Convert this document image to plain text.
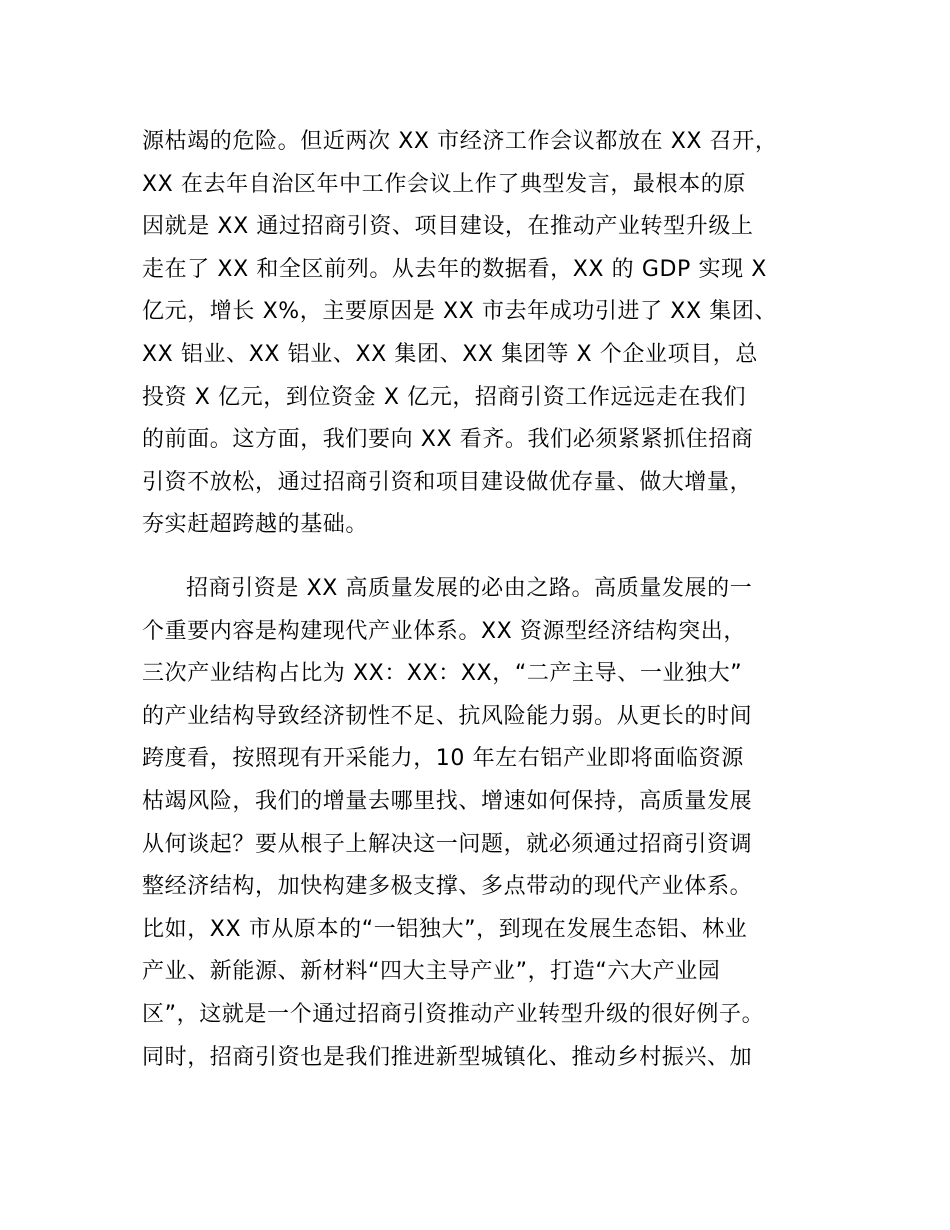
源枯竭的危险。但近两次 XX 市经济工作会议都放在 XX 召开，
XX 在去年自治区年中工作会议上作了典型发言，最根本的原
因就是 XX 通过招商引资、项目建设，在推动产业转型升级上
走在了 XX 和全区前列。从去年的数据看，XX 的 GDP 实现 X
亿元，增长 X%，主要原因是 XX 市去年成功引进了 XX 集团、
XX 铝业、XX 铝业、XX 集团、XX 集团等 X 个企业项目，总
投资 X 亿元，到位资金 X 亿元，招商引资工作远远走在我们
的前面。这方面，我们要向 XX 看齐。我们必须紧紧抓住招商
引资不放松，通过招商引资和项目建设做优存量、做大增量，
夯实赶超跨越的基础。
招商引资是 XX 高质量发展的必由之路。高质量发展的一
个重要内容是构建现代产业体系。XX 资源型经济结构突出，
三次产业结构占比为 XX：XX：XX，“二产主导、一业独大”
的产业结构导致经济韧性不足、抗风险能力弱。从更长的时间
跨度看，按照现有开采能力，10 年左右铝产业即将面临资源
枯竭风险，我们的增量去哪里找、增速如何保持，高质量发展
从何谈起？要从根子上解决这一问题，就必须通过招商引资调
整经济结构，加快构建多极支撑、多点带动的现代产业体系。
比如，XX 市从原本的“一铝独大”，到现在发展生态铝、林业
产业、新能源、新材料“四大主导产业”，打造“六大产业园
区”，这就是一个通过招商引资推动产业转型升级的很好例子。
同时，招商引资也是我们推进新型城镇化、推动乡村振兴、加
